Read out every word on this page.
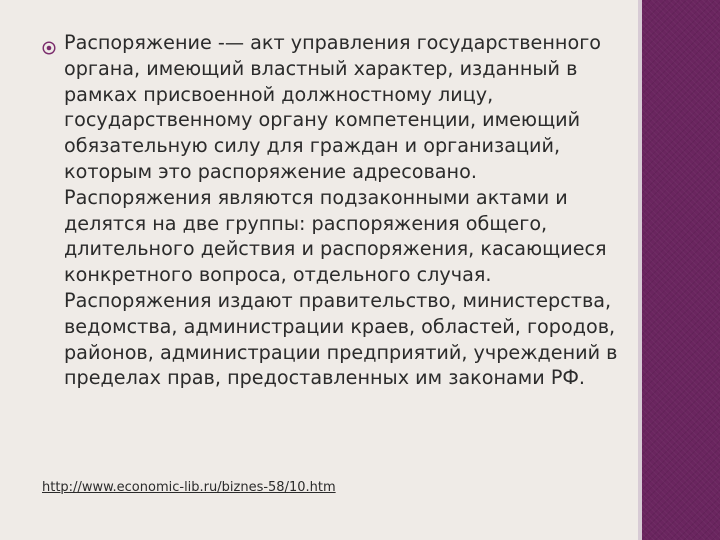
Распоряжение -— акт управления государственного органа, имеющий властный характер, изданный в рамках присвоенной должностному лицу, государственному органу компетенции, имеющий обязательную силу для граждан и организаций, которым это распоряжение адресовано. Распоряжения являются подзаконными актами и делятся на две группы: распоряжения общего, длительного действия и распоряжения, касающиеся конкретного вопроса, отдельного случая. Распоряжения издают правительство, министерства, ведомства, администрации краев, областей, городов, районов, администрации предприятий, учреждений в пределах прав, предоставленных им законами РФ.

http://www.economic-lib.ru/biznes-58/10.htm
